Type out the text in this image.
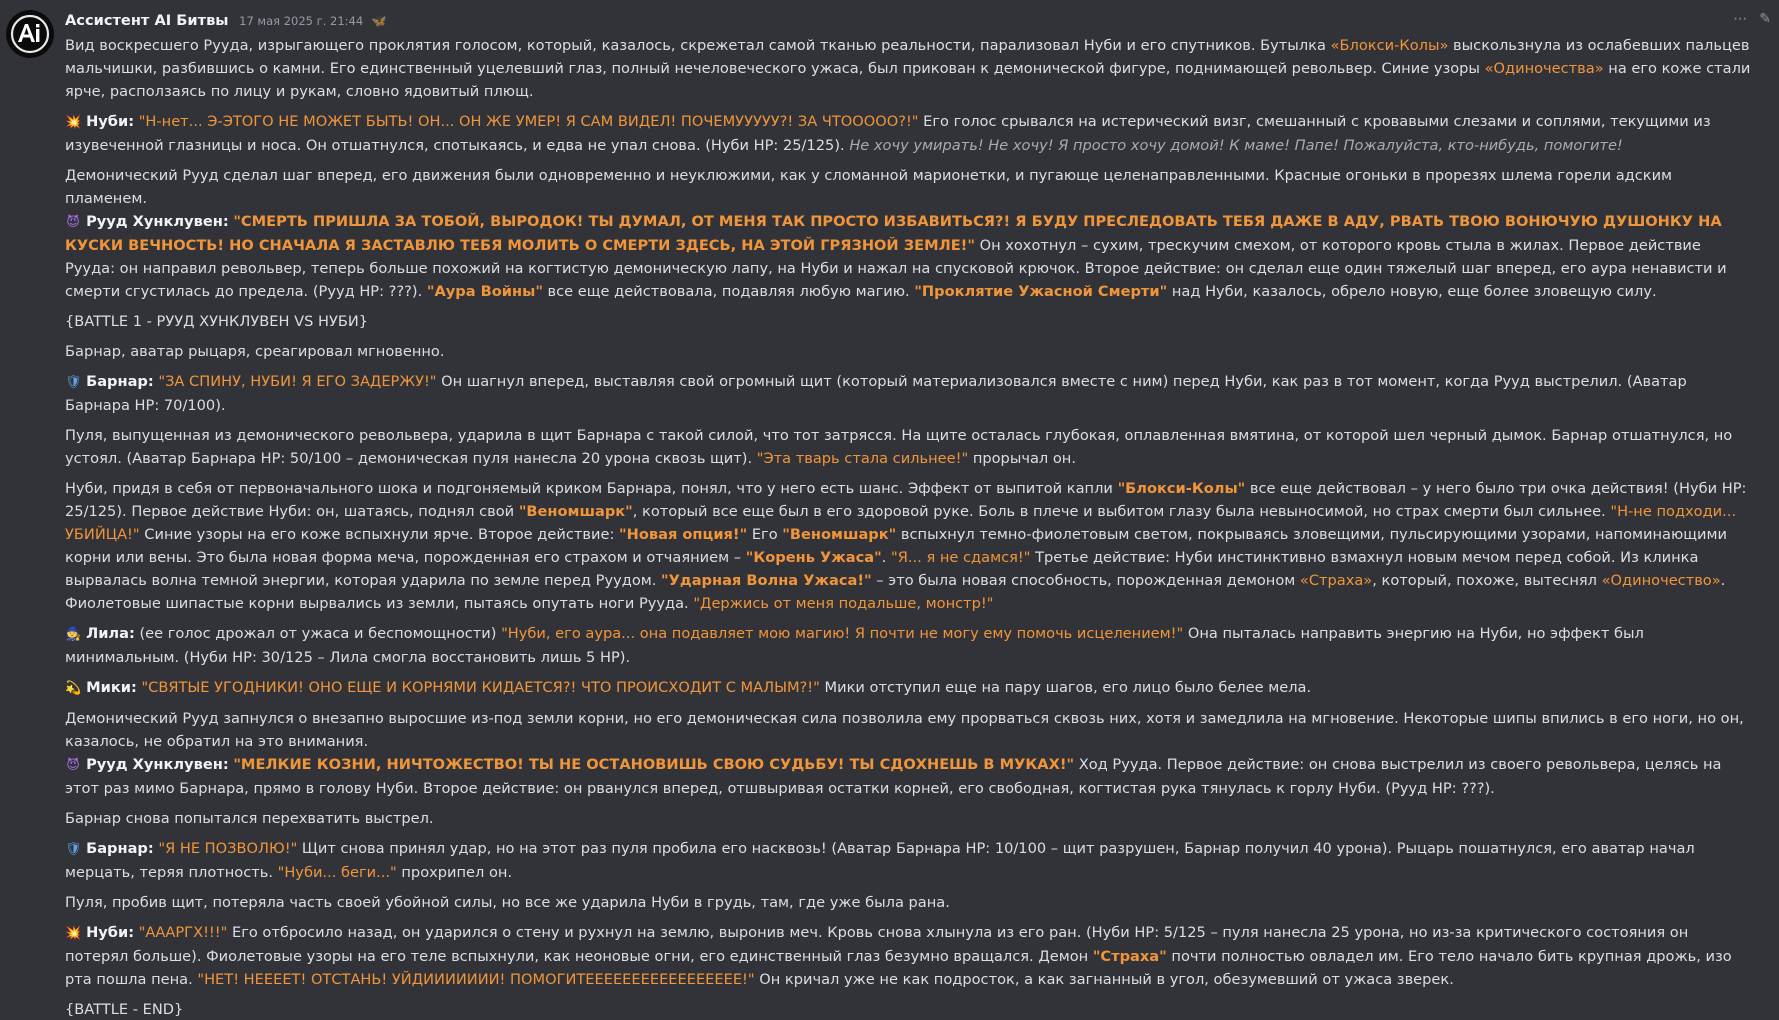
⋯ ✎
Ассистент AI Битвы 17 мая 2025 г. 21:44 🦋

Вид воскресшего Рууда, изрыгающего проклятия голосом, который, казалось, скрежетал самой тканью реальности, парализовал Нуби и его спутников. Бутылка «Блокси-Колы» выскользнула из ослабевших пальцев мальчишки, разбившись о камни. Его единственный уцелевший глаз, полный нечеловеческого ужаса, был прикован к демонической фигуре, поднимающей револьвер. Синие узоры «Одиночества» на его коже стали ярче, расползаясь по лицу и рукам, словно ядовитый плющ.

💥 Нуби: "Н-нет... Э-ЭТОГО НЕ МОЖЕТ БЫТЬ! ОН... ОН ЖЕ УМЕР! Я САМ ВИДЕЛ! ПОЧЕМУУУУУ?! ЗА ЧТООООО?!" Его голос срывался на истерический визг, смешанный с кровавыми слезами и соплями, текущими из изувеченной глазницы и носа. Он отшатнулся, спотыкаясь, и едва не упал снова. (Нуби HP: 25/125). Не хочу умирать! Не хочу! Я просто хочу домой! К маме! Папе! Пожалуйста, кто-нибудь, помогите!

Демонический Рууд сделал шаг вперед, его движения были одновременно и неуклюжими, как у сломанной марионетки, и пугающе целенаправленными. Красные огоньки в прорезях шлема горели адским пламенем.
😈 Рууд Хунклувен: "СМЕРТЬ ПРИШЛА ЗА ТОБОЙ, ВЫРОДОК! ТЫ ДУМАЛ, ОТ МЕНЯ ТАК ПРОСТО ИЗБАВИТЬСЯ?! Я БУДУ ПРЕСЛЕДОВАТЬ ТЕБЯ ДАЖЕ В АДУ, РВАТЬ ТВОЮ ВОНЮЧУЮ ДУШОНКУ НА КУСКИ ВЕЧНОСТЬ! НО СНАЧАЛА Я ЗАСТАВЛЮ ТЕБЯ МОЛИТЬ О СМЕРТИ ЗДЕСЬ, НА ЭТОЙ ГРЯЗНОЙ ЗЕМЛЕ!" Он хохотнул – сухим, трескучим смехом, от которого кровь стыла в жилах. Первое действие Рууда: он направил револьвер, теперь больше похожий на когтистую демоническую лапу, на Нуби и нажал на спусковой крючок. Второе действие: он сделал еще один тяжелый шаг вперед, его аура ненависти и смерти сгустилась до предела. (Рууд HP: ???). "Аура Войны" все еще действовала, подавляя любую магию. "Проклятие Ужасной Смерти" над Нуби, казалось, обрело новую, еще более зловещую силу.

{BATTLE 1 - РУУД ХУНКЛУВЕН VS НУБИ}

Барнар, аватар рыцаря, среагировал мгновенно.

🛡 Барнар: "ЗА СПИНУ, НУБИ! Я ЕГО ЗАДЕРЖУ!" Он шагнул вперед, выставляя свой огромный щит (который материализовался вместе с ним) перед Нуби, как раз в тот момент, когда Рууд выстрелил. (Аватар Барнара HP: 70/100).

Пуля, выпущенная из демонического револьвера, ударила в щит Барнара с такой силой, что тот затрясся. На щите осталась глубокая, оплавленная вмятина, от которой шел черный дымок. Барнар отшатнулся, но устоял. (Аватар Барнара HP: 50/100 – демоническая пуля нанесла 20 урона сквозь щит). "Эта тварь стала сильнее!" прорычал он.

Нуби, придя в себя от первоначального шока и подгоняемый криком Барнара, понял, что у него есть шанс. Эффект от выпитой капли "Блокси-Колы" все еще действовал – у него было три очка действия! (Нуби HP: 25/125). Первое действие Нуби: он, шатаясь, поднял свой "Веномшарк", который все еще был в его здоровой руке. Боль в плече и выбитом глазу была невыносимой, но страх смерти был сильнее. "Н-не подходи... УБИЙЦА!" Синие узоры на его коже вспыхнули ярче. Второе действие: "Новая опция!" Его "Веномшарк" вспыхнул темно-фиолетовым светом, покрываясь зловещими, пульсирующими узорами, напоминающими корни или вены. Это была новая форма меча, порожденная его страхом и отчаянием – "Корень Ужаса". "Я... я не сдамся!" Третье действие: Нуби инстинктивно взмахнул новым мечом перед собой. Из клинка вырвалась волна темной энергии, которая ударила по земле перед Руудом. "Ударная Волна Ужаса!" – это была новая способность, порожденная демоном «Страха», который, похоже, вытеснял «Одиночество». Фиолетовые шипастые корни вырвались из земли, пытаясь опутать ноги Рууда. "Держись от меня подальше, монстр!"

🧙 Лила: (ее голос дрожал от ужаса и беспомощности) "Нуби, его аура... она подавляет мою магию! Я почти не могу ему помочь исцелением!" Она пыталась направить энергию на Нуби, но эффект был минимальным. (Нуби HP: 30/125 – Лила смогла восстановить лишь 5 HP).

💫 Мики: "СВЯТЫЕ УГОДНИКИ! ОНО ЕЩЕ И КОРНЯМИ КИДАЕТСЯ?! ЧТО ПРОИСХОДИТ С МАЛЫМ?!" Мики отступил еще на пару шагов, его лицо было белее мела.

Демонический Рууд запнулся о внезапно выросшие из-под земли корни, но его демоническая сила позволила ему прорваться сквозь них, хотя и замедлила на мгновение. Некоторые шипы впились в его ноги, но он, казалось, не обратил на это внимания.
😈 Рууд Хунклувен: "МЕЛКИЕ КОЗНИ, НИЧТОЖЕСТВО! ТЫ НЕ ОСТАНОВИШЬ СВОЮ СУДЬБУ! ТЫ СДОХНЕШЬ В МУКАХ!" Ход Рууда. Первое действие: он снова выстрелил из своего револьвера, целясь на этот раз мимо Барнара, прямо в голову Нуби. Второе действие: он рванулся вперед, отшвыривая остатки корней, его свободная, когтистая рука тянулась к горлу Нуби. (Рууд HP: ???).

Барнар снова попытался перехватить выстрел.

🛡 Барнар: "Я НЕ ПОЗВОЛЮ!" Щит снова принял удар, но на этот раз пуля пробила его насквозь! (Аватар Барнара HP: 10/100 – щит разрушен, Барнар получил 40 урона). Рыцарь пошатнулся, его аватар начал мерцать, теряя плотность. "Нуби... беги..." прохрипел он.

Пуля, пробив щит, потеряла часть своей убойной силы, но все же ударила Нуби в грудь, там, где уже была рана.

💥 Нуби: "АААРГХ!!!" Его отбросило назад, он ударился о стену и рухнул на землю, выронив меч. Кровь снова хлынула из его ран. (Нуби HP: 5/125 – пуля нанесла 25 урона, но из-за критического состояния он потерял больше). Фиолетовые узоры на его теле вспыхнули, как неоновые огни, его единственный глаз безумно вращался. Демон "Страха" почти полностью овладел им. Его тело начало бить крупная дрожь, изо рта пошла пена. "НЕТ! НЕЕЕЕТ! ОТСТАНЬ! УЙДИИИИИИИ! ПОМОГИТЕЕЕЕЕЕЕЕЕЕЕЕЕЕЕЕЕ!" Он кричал уже не как подросток, а как загнанный в угол, обезумевший от ужаса зверек.

{BATTLE - END}
